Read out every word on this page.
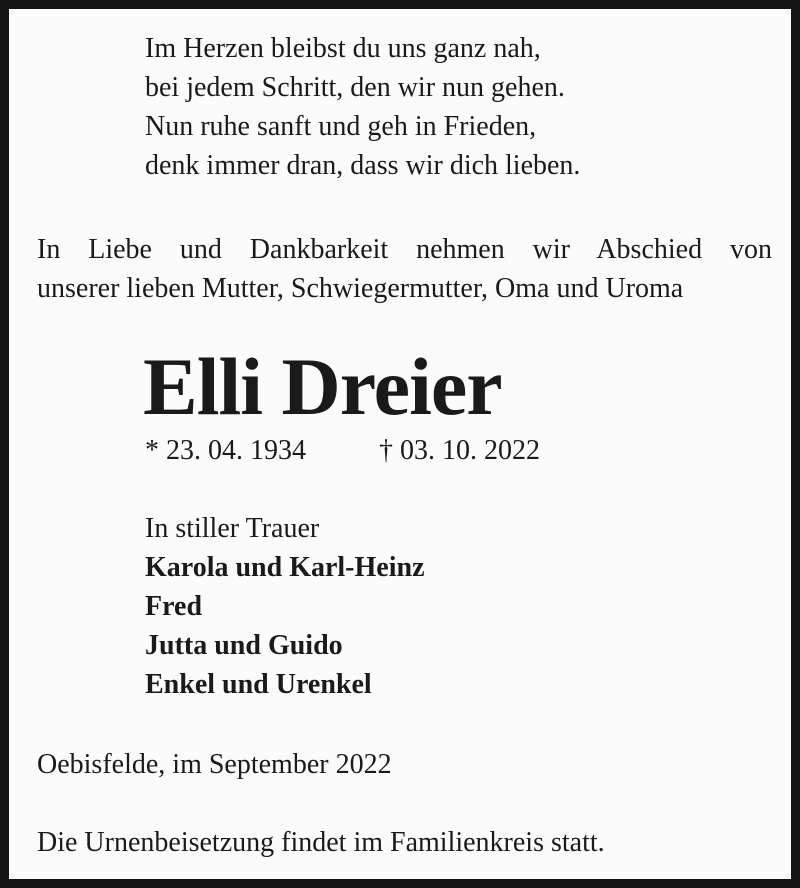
Im Herzen bleibst du uns ganz nah,
bei jedem Schritt, den wir nun gehen.
Nun ruhe sanft und geh in Frieden,
denk immer dran, dass wir dich lieben.
In Liebe und Dankbarkeit nehmen wir Abschied von
unserer lieben Mutter, Schwiegermutter, Oma und Uroma
Elli Dreier
* 23. 04. 1934	† 03. 10. 2022
In stiller Trauer
Karola und Karl-Heinz
Fred
Jutta und Guido
Enkel und Urenkel
Oebisfelde, im September 2022
Die Urnenbeisetzung findet im Familienkreis statt.
